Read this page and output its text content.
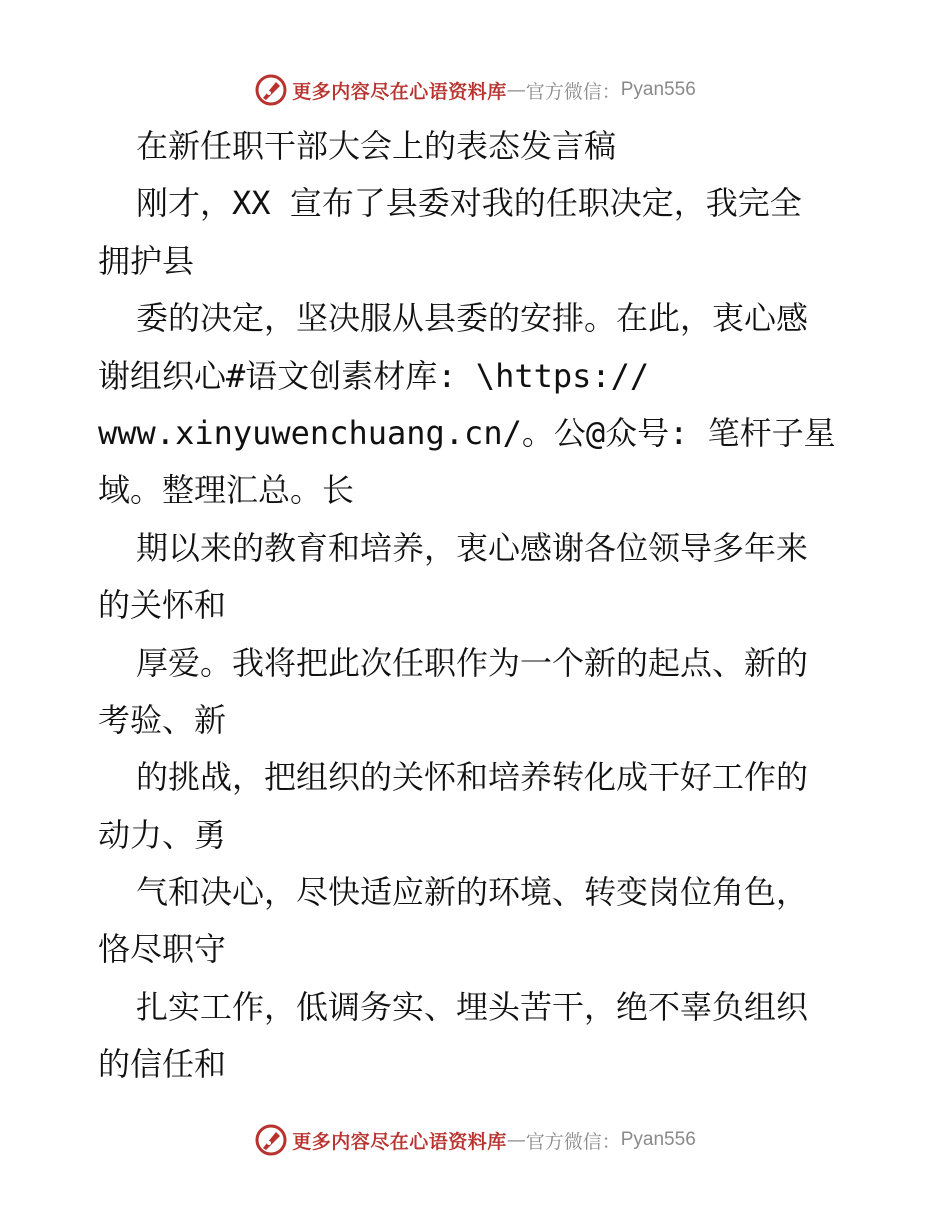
更多内容尽在心语资料库 — 官方微信： Pyan556
在新任职干部大会上的表态发言稿
刚才，XX 宣布了县委对我的任职决定，我完全
拥护县
委的决定，坚决服从县委的安排。在此，衷心感
谢组织心#语文创素材库: \https://
www.xinyuwenchuang.cn/。公@众号: 笔杆子星
域。整理汇总。长
期以来的教育和培养，衷心感谢各位领导多年来
的关怀和
厚爱。我将把此次任职作为一个新的起点、新的
考验、新
的挑战，把组织的关怀和培养转化成干好工作的
动力、勇
气和决心，尽快适应新的环境、转变岗位角色，
恪尽职守
扎实工作，低调务实、埋头苦干，绝不辜负组织
的信任和
更多内容尽在心语资料库 — 官方微信： Pyan556
